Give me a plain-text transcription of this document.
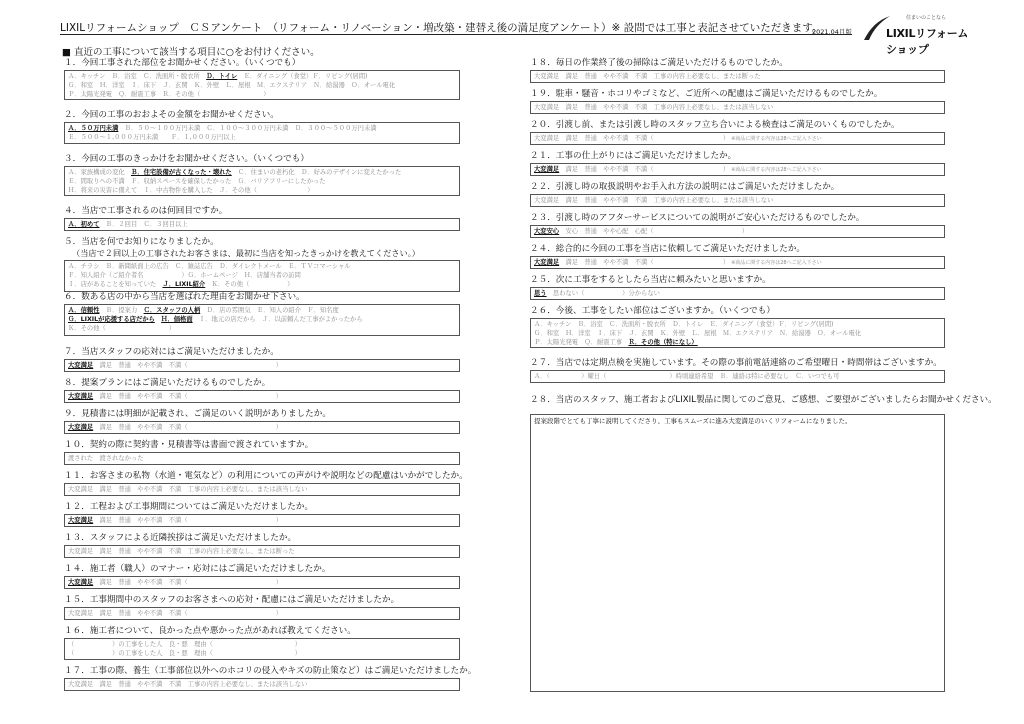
LIXILリフォームショップ　ＣＳアンケート　（リフォーム・リノベーション・増改築・建替え後の満足度アンケート）※ 設問では工事と表記させていただきます。
2021.04月版
住まいのことなら
LIXILリフォームショップ
■ 直近の工事について該当する項目に○をお付けください。
１．今回工事された部位をお聞かせください。（いくつでも）
Ａ．キッチン　Ｂ．浴室　Ｃ．洗面所・脱衣所　Ｄ．トイレ　Ｅ．ダイニング（食堂）Ｆ．リビング(居間)
Ｇ．和室　Ｈ．洋室　Ｉ．床下　Ｊ．玄関　Ｋ．外壁　Ｌ．屋根　Ｍ．エクステリア　Ｎ．給湯器　Ｏ．オール電化
Ｐ．太陽光発電　Ｑ．耐震工事　Ｒ．その他（　　　　　　　　　　）
２．今回の工事のおおよその金額をお聞かせください。
Ａ．５０万円未満　Ｂ．５０～１００万円未満　Ｃ．１００～３００万円未満　Ｄ．３００～５００万円未満
Ｅ．５００～１,０００万円未満　　Ｆ．１,０００万円以上
３．今回の工事のきっかけをお聞かせください。（いくつでも）
Ａ．家族構成の変化　Ｂ．住宅設備が古くなった・壊れた　Ｃ．住まいの老朽化　Ｄ．好みのデザインに変えたかった
Ｅ．間取りへの不満　Ｆ．収納スペースを確保したかった　Ｇ．バリアフリーにしたかった
Ｈ．将来の災害に備えて　Ｉ．中古物件を購入した　Ｊ．その他（　　　　　　　　）
４．当店で工事されるのは何回目ですか。
Ａ．初めて　Ｂ．２回目　Ｃ．３回目以上
５．当店を何でお知りになりましたか。
（当店で２回以上の工事されたお客さまは、最初に当店を知ったきっかけを教えてください。）
Ａ．チラシ　Ｂ．新聞紙面上の広告　Ｃ．雑誌広告　Ｄ．ダイレクトメール　Ｅ．ＴＶコマーシャル
Ｆ．知人紹介（ご紹介者名　　　　　　）Ｇ．ホームページ　Ｈ．店舗当者の訪問
Ｉ．店があることを知っていた　Ｊ．LIXIL紹介　Ｋ．その他（　　　　　　）
６．数ある店の中から当店を選ばれた理由をお聞かせ下さい。
Ａ．信頼性　Ｂ．提案力　Ｃ．スタッフの人柄　Ｄ．店の雰囲気　Ｅ．知人の紹介　Ｆ．知名度
Ｇ．LIXILが応援する店だから　 Ｈ．価格面　Ｉ．地元の店だから　Ｊ．以前頼んだ工事がよかったから
Ｋ．その他（　　　　　　　　　　）
７．当店スタッフの応対にはご満足いただけましたか。
大変満足　満足　普通　やや不満　不満（　　　　　　　　　　　　　　）
８．提案プランにはご満足いただけるものでしたか。
大変満足　満足　普通　やや不満　不満（　　　　　　　　　　　　　　）
９．見積書には明細が記載され、ご満足のいく説明がありましたか。
大変満足　満足　普通　やや不満　不満（　　　　　　　　　　　　　　）
１０．契約の際に契約書・見積書等は書面で渡されていますか。
渡された　渡されなかった
１１．お客さまの私物（水道・電気など）の利用についての声がけや説明などの配慮はいかがでしたか。
大変満足　満足　普通　やや不満　不満　工事の内容上必要なし、または該当しない
１２．工程および工事期間についてはご満足いただけましたか。
大変満足　満足　普通　やや不満　不満（　　　　　　　　　　　　　　）
１３．スタッフによる近隣挨拶はご満足いただけましたか。
大変満足　満足　普通　やや不満　不満　工事の内容上必要なし、または断った
１４．施工者（職人）のマナー・応対にはご満足いただけましたか。
大変満足　満足　普通　やや不満　不満（　　　　　　　　　　　　　　）
１５．工事期間中のスタッフのお客さまへの応対・配慮にはご満足いただけましたか。
大変満足　満足　普通　やや不満　不満（　　　　　　　　　　　　　　）
１６．施工者について、良かった点や悪かった点があれば教えてください。
（　　　　　　）の工事をした人　良・悪　理由（　　　　　　　　　　　　　）
（　　　　　　）の工事をした人　良・悪　理由（　　　　　　　　　　　　　）
１７．工事の際、養生（工事部位以外へのホコリの侵入やキズの防止策など）はご満足いただけましたか。
大変満足　満足　普通　やや不満　不満　工事の内容上必要なし、または該当しない
１８．毎日の作業終了後の掃除はご満足いただけるものでしたか。
大変満足　満足　普通　やや不満　不満　工事の内容上必要なし、または断った
１９．駐車・騒音・ホコリやゴミなど、ご近所への配慮はご満足いただけるものでしたか。
大変満足　満足　普通　やや不満　不満　工事の内容上必要なし、または該当しない
２０．引渡し前、または引渡し時のスタッフ立ち合いによる検査はご満足のいくものでしたか。
大変満足　満足　普通　やや不満　不満（　　　　　　　　　　　）　※商品に関する内容は28へご記入下さい
２１．工事の仕上がりにはご満足いただけましたか。
大変満足　満足　普通　やや不満　不満（　　　　　　　　　　　）　※商品に関する内容は28へご記入下さい
２２．引渡し時の取扱説明やお手入れ方法の説明にはご満足いただけましたか。
大変満足　満足　普通　やや不満　不満　工事の内容上必要なし、または該当しない
２３．引渡し時のアフターサービスについての説明がご安心いただけるものでしたか。
大変安心　安心　普通　やや心配　心配（　　　　　　　　　　　　　　）
２４．総合的に今回の工事を当店に依頼してご満足いただけましたか。
大変満足　満足　普通　やや不満　不満（　　　　　　　　　　　）　※商品に関する内容は28へご記入下さい
２５．次に工事をするとしたら当店に頼みたいと思いますか。
思う　思わない（　　　　　　）分からない
２６．今後、工事をしたい部位はございますか。（いくつでも）
Ａ．キッチン　Ｂ．浴室　Ｃ．洗面所・脱衣所　Ｄ．トイレ　Ｅ．ダイニング（食堂）Ｆ．リビング(居間)
Ｇ．和室　Ｈ．洋室　Ｉ．床下　Ｊ．玄関　Ｋ．外壁　Ｌ．屋根　Ｍ．エクステリア　Ｎ．給湯器　Ｏ．オール電化
Ｐ．太陽光発電　Ｑ．耐震工事　Ｒ．その他（特になし）
２７．当店では定期点検を実施しています。その際の事前電話連絡のご希望曜日・時間帯はございますか。
Ａ．（　　　　　）曜日（　　　　　　　　　　）時頃連絡希望　Ｂ．連絡は特に必要なし　Ｃ．いつでも可
２８．当店のスタッフ、施工者およびLIXIL製品に関してのご意見、ご感想、ご要望がございましたらお聞かせください。
提案段階でとても丁寧に説明してくださり、工事もスムーズに進み大変満足のいくリフォームになりました。
